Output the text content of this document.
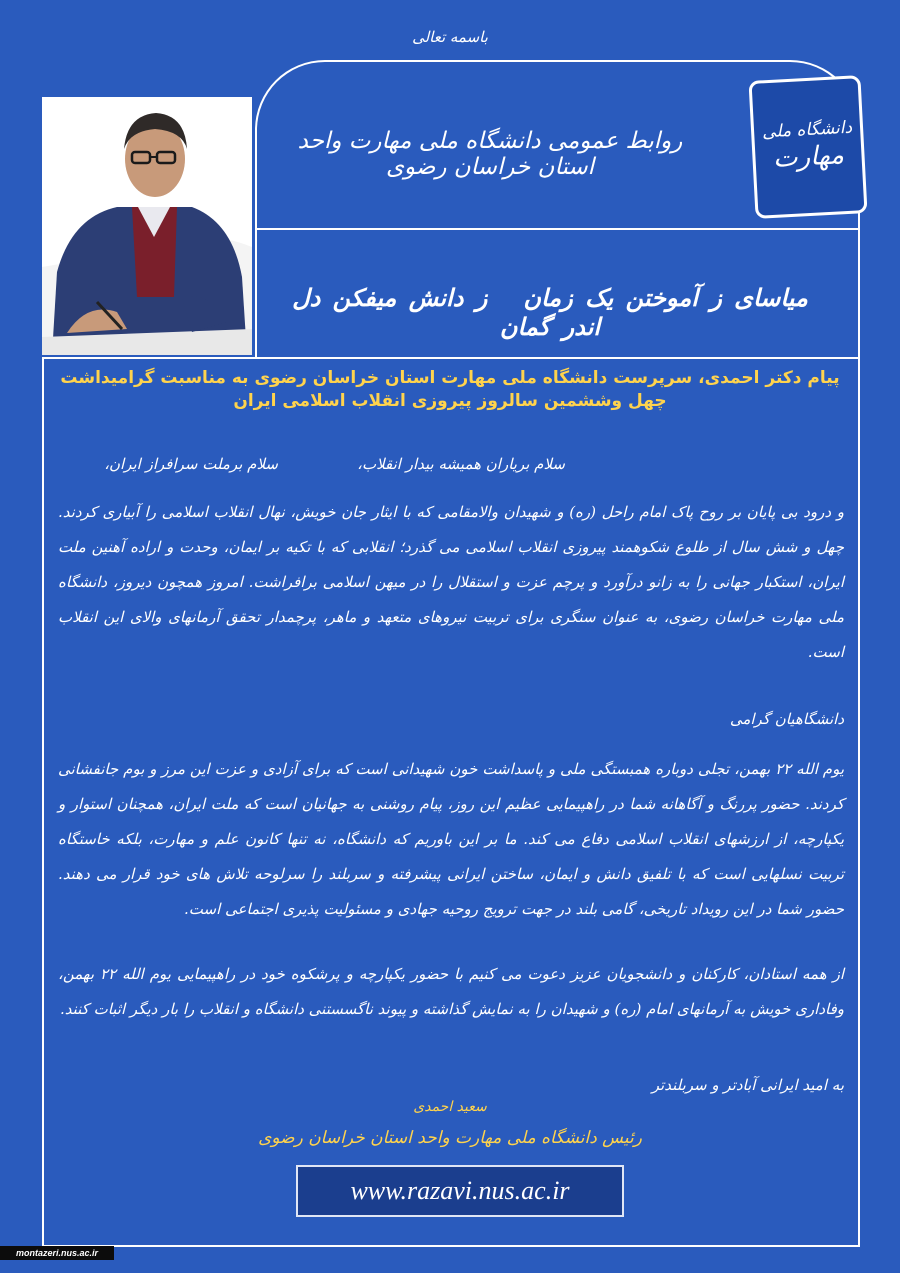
باسمه تعالی
دانشگاه ملی
مهارت
روابط عمومی دانشگاه ملی مهارت واحد استان خراسان رضوی
میاسای ز آموختن یک زمانز دانش میفکن دل اندر گمان
پیام دکتر احمدی، سرپرست دانشگاه ملی مهارت استان خراسان رضوی به مناسبت گرامیداشت
چهل وششمین سالروز پیروزی انقلاب اسلامی ایران
سلام بریاران همیشه بیدار انقلاب،
سلام برملت سرافراز ایران،
و درود بی پایان بر روح پاک امام راحل (ره) و شهیدان والامقامی که با ایثار جان خویش، نهال انقلاب اسلامی را آبیاری کردند. چهل و شش سال از طلوع شکوهمند پیروزی انقلاب اسلامی می گذرد؛ انقلابی که با تکیه بر ایمان، وحدت و اراده آهنین ملت ایران، استکبار جهانی را به زانو درآورد و پرچم عزت و استقلال را در میهن اسلامی برافراشت. امروز همچون دیروز، دانشگاه ملی مهارت خراسان رضوی، به عنوان سنگری برای تربیت نیروهای متعهد و ماهر، پرچمدار تحقق آرمانهای والای این انقلاب است.
دانشگاهیان گرامی
یوم الله ۲۲ بهمن، تجلی دوباره همبستگی ملی و پاسداشت خون شهیدانی است که برای آزادی و عزت این مرز و بوم جانفشانی کردند. حضور پررنگ و آگاهانه شما در راهپیمایی عظیم این روز، پیام روشنی به جهانیان است که ملت ایران، همچنان استوار و یکپارچه، از ارزشهای انقلاب اسلامی دفاع می کند. ما بر این باوریم که دانشگاه، نه تنها کانون علم و مهارت، بلکه خاستگاه تربیت نسلهایی است که با تلفیق دانش و ایمان، ساختن ایرانی پیشرفته و سربلند را سرلوحه تلاش های خود قرار می دهند. حضور شما در این رویداد تاریخی، گامی بلند در جهت ترویج روحیه جهادی و مسئولیت پذیری اجتماعی است.
از همه استادان، کارکنان و دانشجویان عزیز دعوت می کنیم با حضور یکپارچه و پرشکوه خود در راهپیمایی یوم الله ۲۲ بهمن، وفاداری خویش به آرمانهای امام (ره) و شهیدان را به نمایش گذاشته و پیوند ناگسستنی دانشگاه و انقلاب را بار دیگر اثبات کنند.
به امید ایرانی آبادتر و سربلندتر
سعید احمدی
رئیس دانشگاه ملی مهارت واحد استان خراسان رضوی
www.razavi.nus.ac.ir
montazeri.nus.ac.ir
